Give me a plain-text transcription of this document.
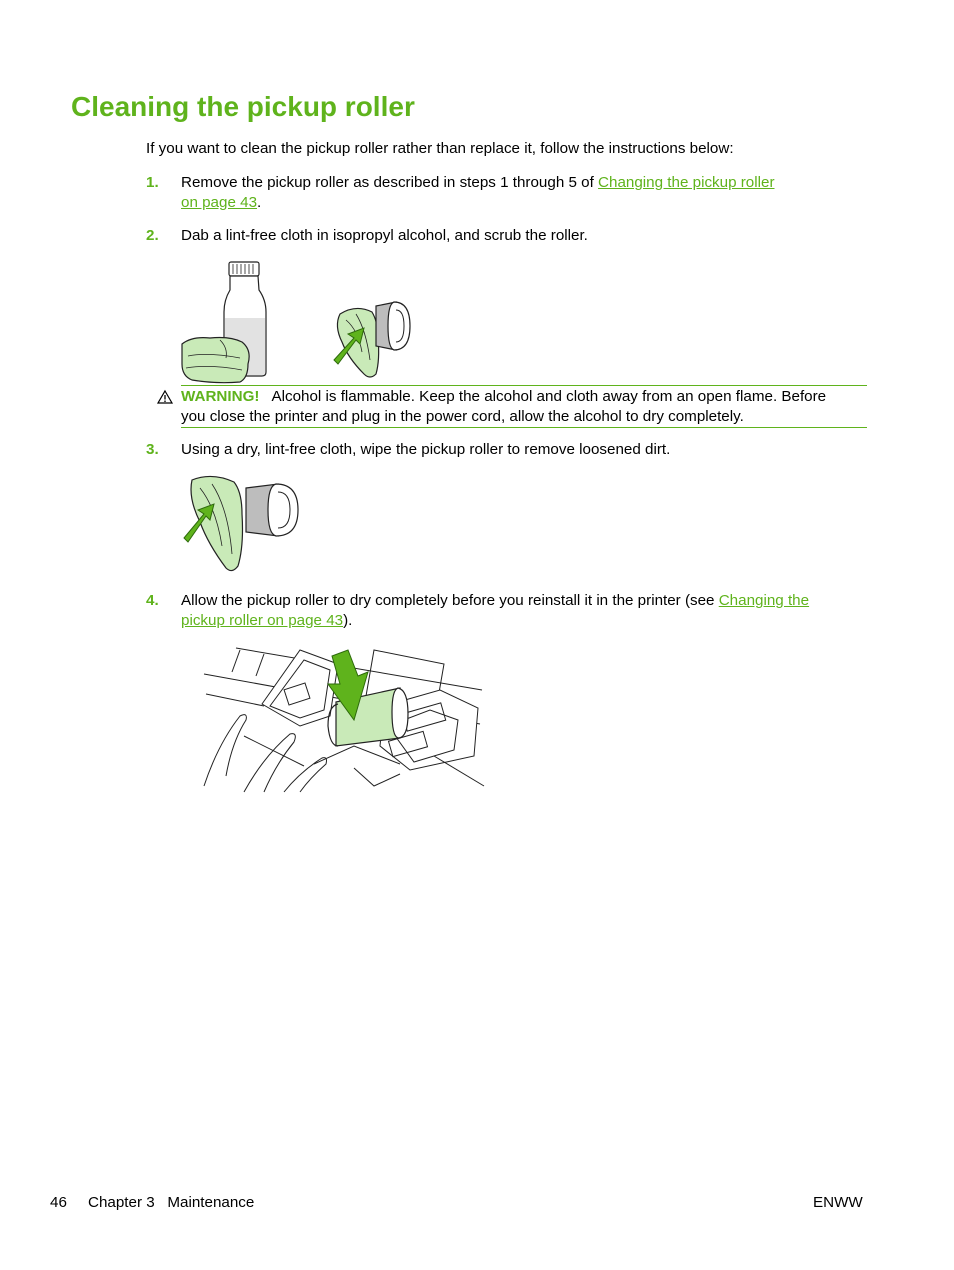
Cleaning the pickup roller
If you want to clean the pickup roller rather than replace it, follow the instructions below:
1. Remove the pickup roller as described in steps 1 through 5 of Changing the pickup roller
on page 43.
2. Dab a lint-free cloth in isopropyl alcohol, and scrub the roller.
WARNING! Alcohol is flammable. Keep the alcohol and cloth away from an open flame. Before
you close the printer and plug in the power cord, allow the alcohol to dry completely.
3. Using a dry, lint-free cloth, wipe the pickup roller to remove loosened dirt.
4. Allow the pickup roller to dry completely before you reinstall it in the printer (see Changing the
pickup roller on page 43).
46 Chapter 3   Maintenance	ENWW
